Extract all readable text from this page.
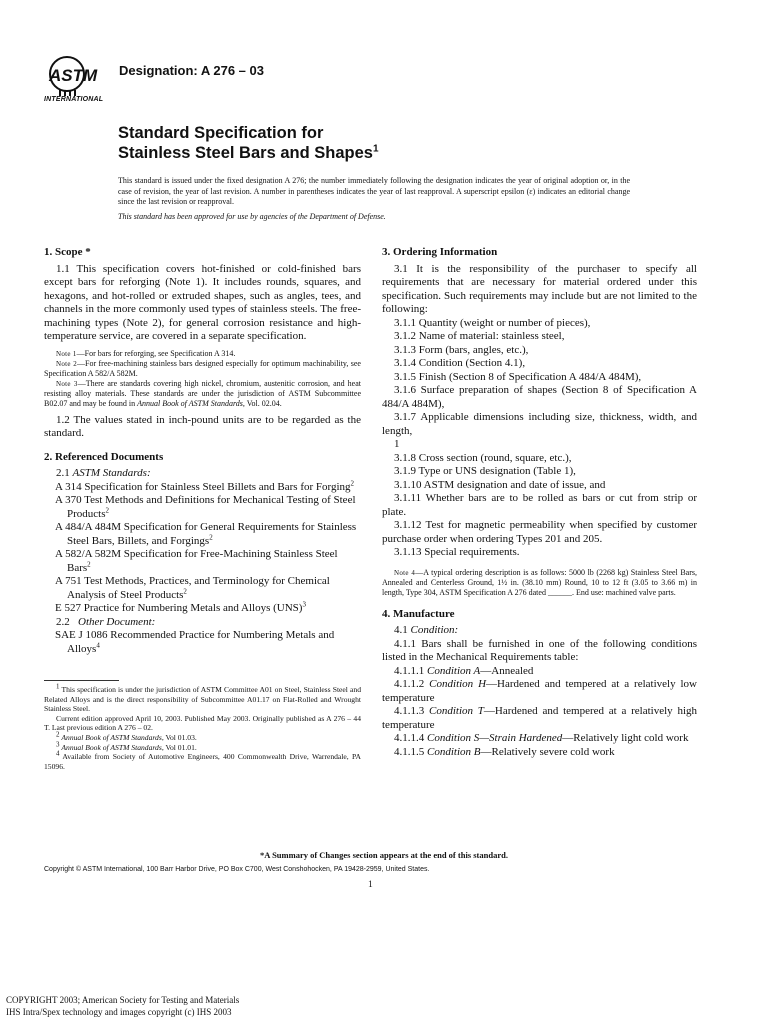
ASTM
INTERNATIONAL
Designation: A 276 – 03
Standard Specification for
Stainless Steel Bars and Shapes$^1$
This standard is issued under the fixed designation A 276; the number immediately following the designation indicates the year of original adoption or, in the case of revision, the year of last revision. A number in parentheses indicates the year of last reapproval. A superscript epsilon (ε) indicates an editorial change since the last revision or reapproval.
This standard has been approved for use by agencies of the Department of Defense.

1. Scope *

1.1 This specification covers hot-finished or cold-finished bars except bars for reforging (Note 1). It includes rounds, squares, and hexagons, and hot-rolled or extruded shapes, such as angles, tees, and channels in the more commonly used types of stainless steels. The free-machining types (Note 2), for general corrosion resistance and high-temperature service, are covered in a separate specification.

Note 1—For bars for reforging, see Specification A 314.

Note 2—For free-machining stainless bars designed especially for optimum machinability, see Specification A 582/A 582M.

Note 3—There are standards covering high nickel, chromium, austenitic corrosion, and heat resisting alloy materials. These standards are under the jurisdiction of ASTM Subcommittee B02.07 and may be found in Annual Book of ASTM Standards, Vol. 02.04.

1.2 The values stated in inch-pound units are to be regarded as the standard.

2. Referenced Documents

2.1 ASTM Standards:

A 314 Specification for Stainless Steel Billets and Bars for Forging$^2$

A 370 Test Methods and Definitions for Mechanical Testing of Steel Products$^2$

A 484/A 484M Specification for General Requirements for Stainless Steel Bars, Billets, and Forgings$^2$

A 582/A 582M Specification for Free-Machining Stainless Steel Bars$^2$

A 751 Test Methods, Practices, and Terminology for Chemical Analysis of Steel Products$^2$

E 527 Practice for Numbering Metals and Alloys (UNS)$^3$

2.2 Other Document:

SAE J 1086 Recommended Practice for Numbering Metals and Alloys$^4$

$^1$ This specification is under the jurisdiction of ASTM Committee A01 on Steel, Stainless Steel and Related Alloys and is the direct responsibility of Subcommittee A01.17 on Flat-Rolled and Wrought Stainless Steel.

Current edition approved April 10, 2003. Published May 2003. Originally published as A 276 – 44 T. Last previous edition A 276 – 02.

$^2$ Annual Book of ASTM Standards, Vol 01.03.

$^3$ Annual Book of ASTM Standards, Vol 01.01.

$^4$ Available from Society of Automotive Engineers, 400 Commonwealth Drive, Warrendale, PA 15096.

3. Ordering Information

3.1 It is the responsibility of the purchaser to specify all requirements that are necessary for material ordered under this specification. Such requirements may include but are not limited to the following:

3.1.1 Quantity (weight or number of pieces),

3.1.2 Name of material: stainless steel,

3.1.3 Form (bars, angles, etc.),

3.1.4 Condition (Section 4.1),

3.1.5 Finish (Section 8 of Specification A 484/A 484M),

3.1.6 Surface preparation of shapes (Section 8 of Specification A 484/A 484M),

3.1.7 Applicable dimensions including size, thickness, width, and length,

1

3.1.8 Cross section (round, square, etc.),

3.1.9 Type or UNS designation (Table 1),

3.1.10 ASTM designation and date of issue, and

3.1.11 Whether bars are to be rolled as bars or cut from strip or plate.

3.1.12 Test for magnetic permeability when specified by customer purchase order when ordering Types 201 and 205.

3.1.13 Special requirements.

Note 4—A typical ordering description is as follows: 5000 lb (2268 kg) Stainless Steel Bars, Annealed and Centerless Ground, 1½ in. (38.10 mm) Round, 10 to 12 ft (3.05 to 3.66 m) in length, Type 304, ASTM Specification A 276 dated ______. End use: machined valve parts.

4. Manufacture

4.1 Condition:

4.1.1 Bars shall be furnished in one of the following conditions listed in the Mechanical Requirements table:

4.1.1.1 Condition A—Annealed

4.1.1.2 Condition H—Hardened and tempered at a relatively low temperature

4.1.1.3 Condition T—Hardened and tempered at a relatively high temperature

4.1.1.4 Condition S—Strain Hardened—Relatively light cold work

4.1.1.5 Condition B—Relatively severe cold work

*A Summary of Changes section appears at the end of this standard.
Copyright © ASTM International, 100 Barr Harbor Drive, PO Box C700, West Conshohocken, PA 19428-2959, United States.
1
COPYRIGHT 2003; American Society for Testing and Materials
IHS Intra/Spex technology and images copyright (c) IHS 2003
